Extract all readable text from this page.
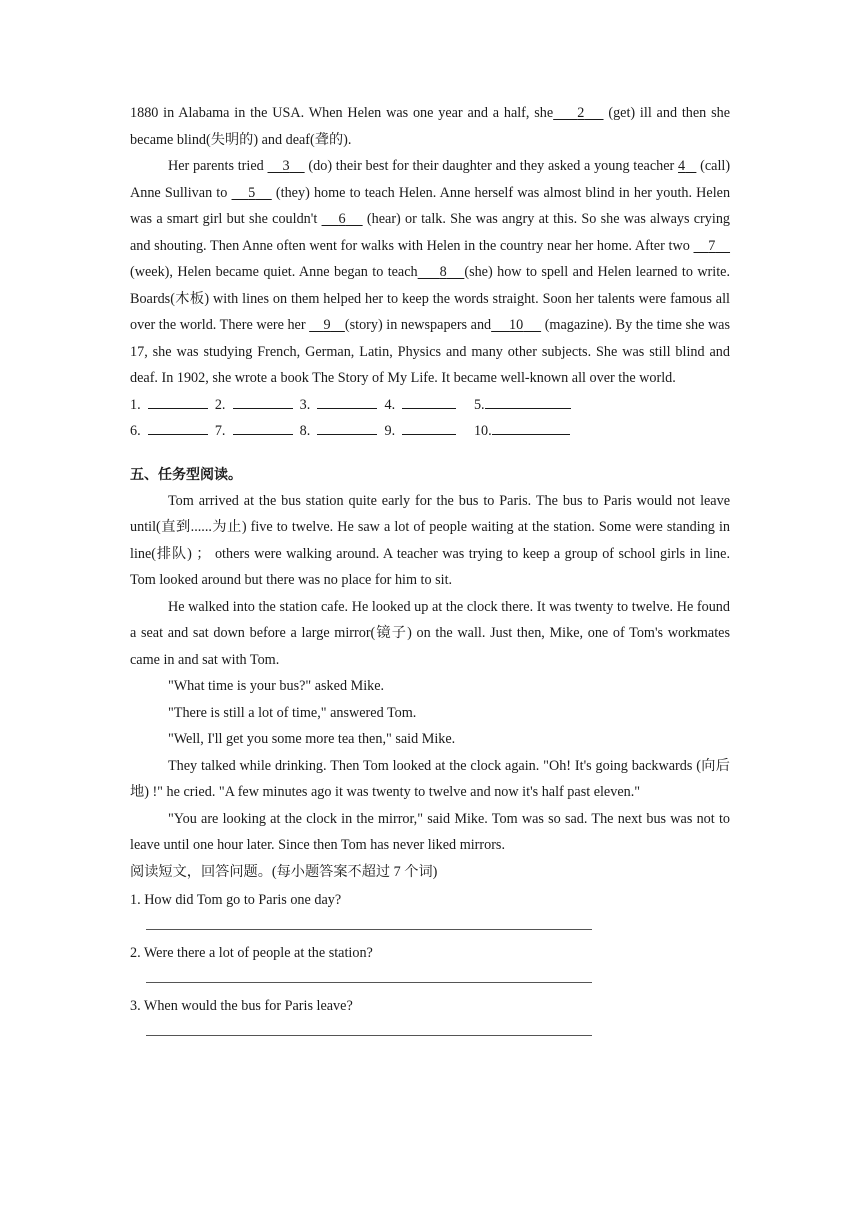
1880 in Alabama in the USA. When Helen was one year and a half, she 2 (get) ill and then she became blind(失明的) and deaf(聋的).

Her parents tried 3 (do) their best for their daughter and they asked a young teacher 4 (call) Anne Sullivan to 5 (they) home to teach Helen. Anne herself was almost blind in her youth. Helen was a smart girl but she couldn't 6 (hear) or talk. She was angry at this. So she was always crying and shouting. Then Anne often went for walks with Helen in the country near her home. After two 7     (week), Helen became quiet. Anne began to teach 8 (she) how to spell and Helen learned to write. Boards(木板) with lines on them helped her to keep the words straight. Soon her talents were famous all over the world. There were her 9 (story) in newspapers and 10 (magazine). By the time she was 17, she was studying French, German, Latin, Physics and many other subjects. She was still blind and deaf. In 1902, she wrote a book The Story of My Life. It became well-known all over the world.

1.	2.	3.	4.	5.
6.	7.	8.	9.	10.
五、任务型阅读。

Tom arrived at the bus station quite early for the bus to Paris. The bus to Paris would not leave until(直到......为止) five to twelve. He saw a lot of people waiting at the station. Some were standing in line(排队) ； others were walking around. A teacher was trying to keep a group of school girls in line. Tom looked around but there was no place for him to sit.

He walked into the station cafe. He looked up at the clock there. It was twenty to twelve. He found a seat and sat down before a large mirror(镜子) on the wall. Just then, Mike, one of Tom's workmates came in and sat with Tom.

"What time is your bus?" asked Mike.

"There is still a lot of time," answered Tom.

"Well, I'll get you some more tea then," said Mike.

They talked while drinking. Then Tom looked at the clock again. "Oh! It's going backwards (向后地) !" he cried. "A few minutes ago it was twenty to twelve and now it's half past eleven."

"You are looking at the clock in the mirror," said Mike. Tom was so sad. The next bus was not to leave until one hour later. Since then Tom has never liked mirrors.

阅读短文，回答问题。(每小题答案不超过 7 个词)
1. How did Tom go to Paris one day?
2. Were there a lot of people at the station?
3. When would the bus for Paris leave?
